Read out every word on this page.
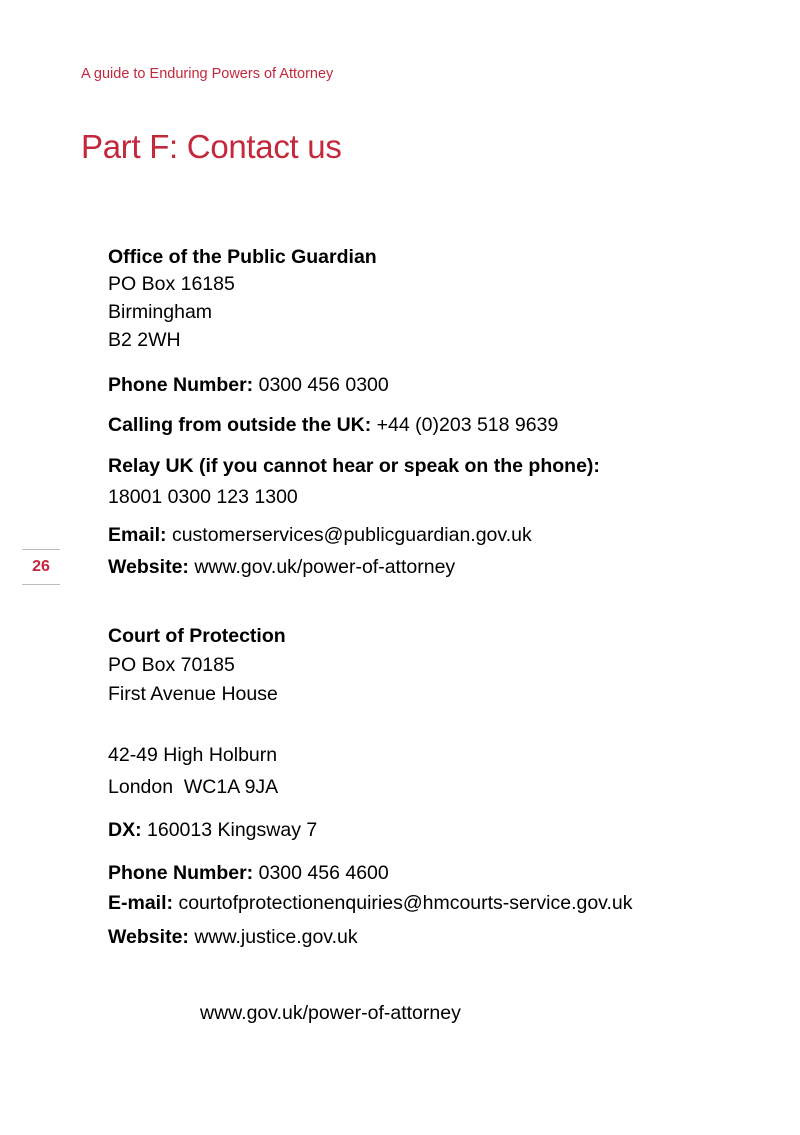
A guide to Enduring Powers of Attorney
Part F: Contact us
26
Office of the Public Guardian
PO Box 16185
Birmingham
B2 2WH
Phone Number: 0300 456 0300
Calling from outside the UK: +44 (0)203 518 9639
Relay UK (if you cannot hear or speak on the phone):
18001 0300 123 1300
Email: customerservices@publicguardian.gov.uk
Website: www.gov.uk/power-of-attorney
Court of Protection
PO Box 70185
First Avenue House
42-49 High Holburn
London  WC1A 9JA
DX: 160013 Kingsway 7
Phone Number: 0300 456 4600
E-mail: courtofprotectionenquiries@hmcourts-service.gov.uk
Website: www.justice.gov.uk
www.gov.uk/power-of-attorney
